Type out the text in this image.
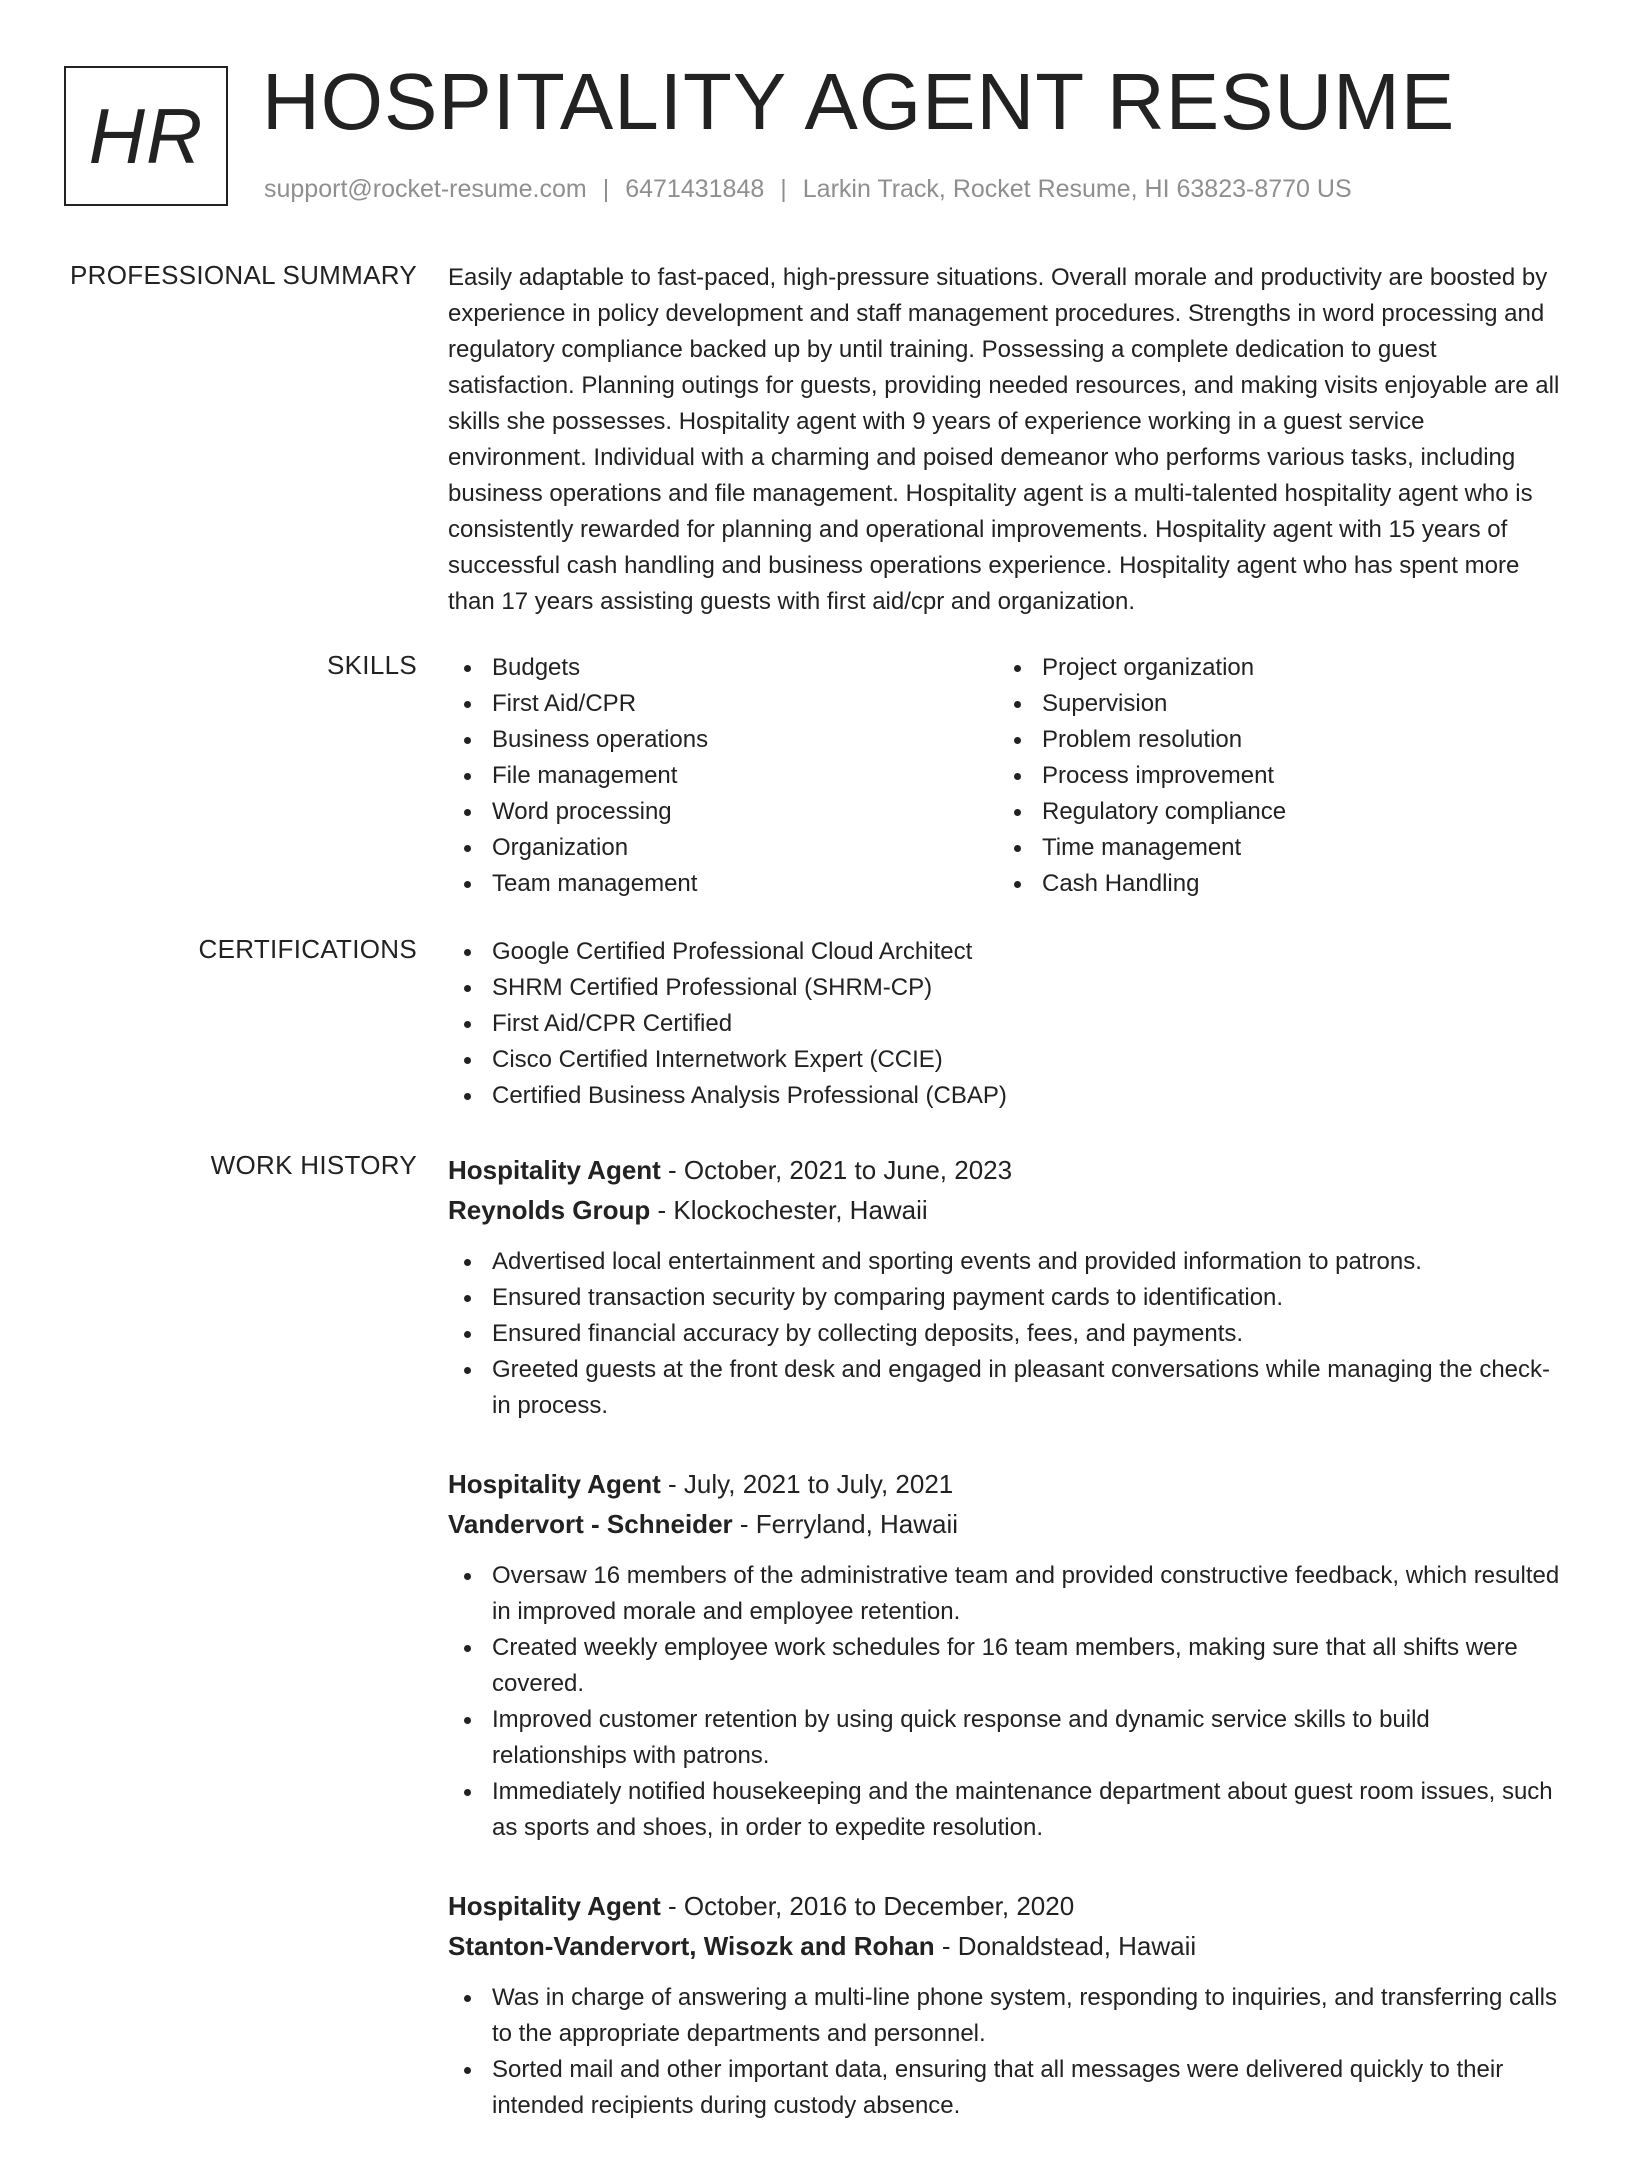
HR HOSPITALITY AGENT RESUME
support@rocket-resume.com | 6471431848 | Larkin Track, Rocket Resume, HI 63823-8770 US
PROFESSIONAL SUMMARY Easily adaptable to fast-paced, high-pressure situations. Overall morale and productivity are boosted by experience in policy development and staff management procedures. Strengths in word processing and regulatory compliance backed up by until training. Possessing a complete dedication to guest satisfaction. Planning outings for guests, providing needed resources, and making visits enjoyable are all skills she possesses. Hospitality agent with 9 years of experience working in a guest service environment. Individual with a charming and poised demeanor who performs various tasks, including business operations and file management. Hospitality agent is a multi-talented hospitality agent who is consistently rewarded for planning and operational improvements. Hospitality agent with 15 years of successful cash handling and business operations experience. Hospitality agent who has spent more than 17 years assisting guests with first aid/cpr and organization.

SKILLS	Budgets
First Aid/CPR
Business operations
File management
Word processing
Organization
Team management
Project organization
Supervision
Problem resolution
Process improvement
Regulatory compliance
Time management
Cash Handling
CERTIFICATIONS	Google Certified Professional Cloud Architect
SHRM Certified Professional (SHRM-CP)
First Aid/CPR Certified
Cisco Certified Internetwork Expert (CCIE)
Certified Business Analysis Professional (CBAP)
WORK HISTORY Hospitality Agent - October, 2021 to June, 2023
Reynolds Group - Klockochester, Hawaii
Advertised local entertainment and sporting events and provided information to patrons.
Ensured transaction security by comparing payment cards to identification.
Ensured financial accuracy by collecting deposits, fees, and payments.
Greeted guests at the front desk and engaged in pleasant conversations while managing the check-in process.
Hospitality Agent - July, 2021 to July, 2021
Vandervort - Schneider - Ferryland, Hawaii
Oversaw 16 members of the administrative team and provided constructive feedback, which resulted in improved morale and employee retention.
Created weekly employee work schedules for 16 team members, making sure that all shifts were covered.
Improved customer retention by using quick response and dynamic service skills to build relationships with patrons.
Immediately notified housekeeping and the maintenance department about guest room issues, such as sports and shoes, in order to expedite resolution.
Hospitality Agent - October, 2016 to December, 2020
Stanton-Vandervort, Wisozk and Rohan - Donaldstead, Hawaii
Was in charge of answering a multi-line phone system, responding to inquiries, and transferring calls to the appropriate departments and personnel.
Sorted mail and other important data, ensuring that all messages were delivered quickly to their intended recipients during custody absence.
